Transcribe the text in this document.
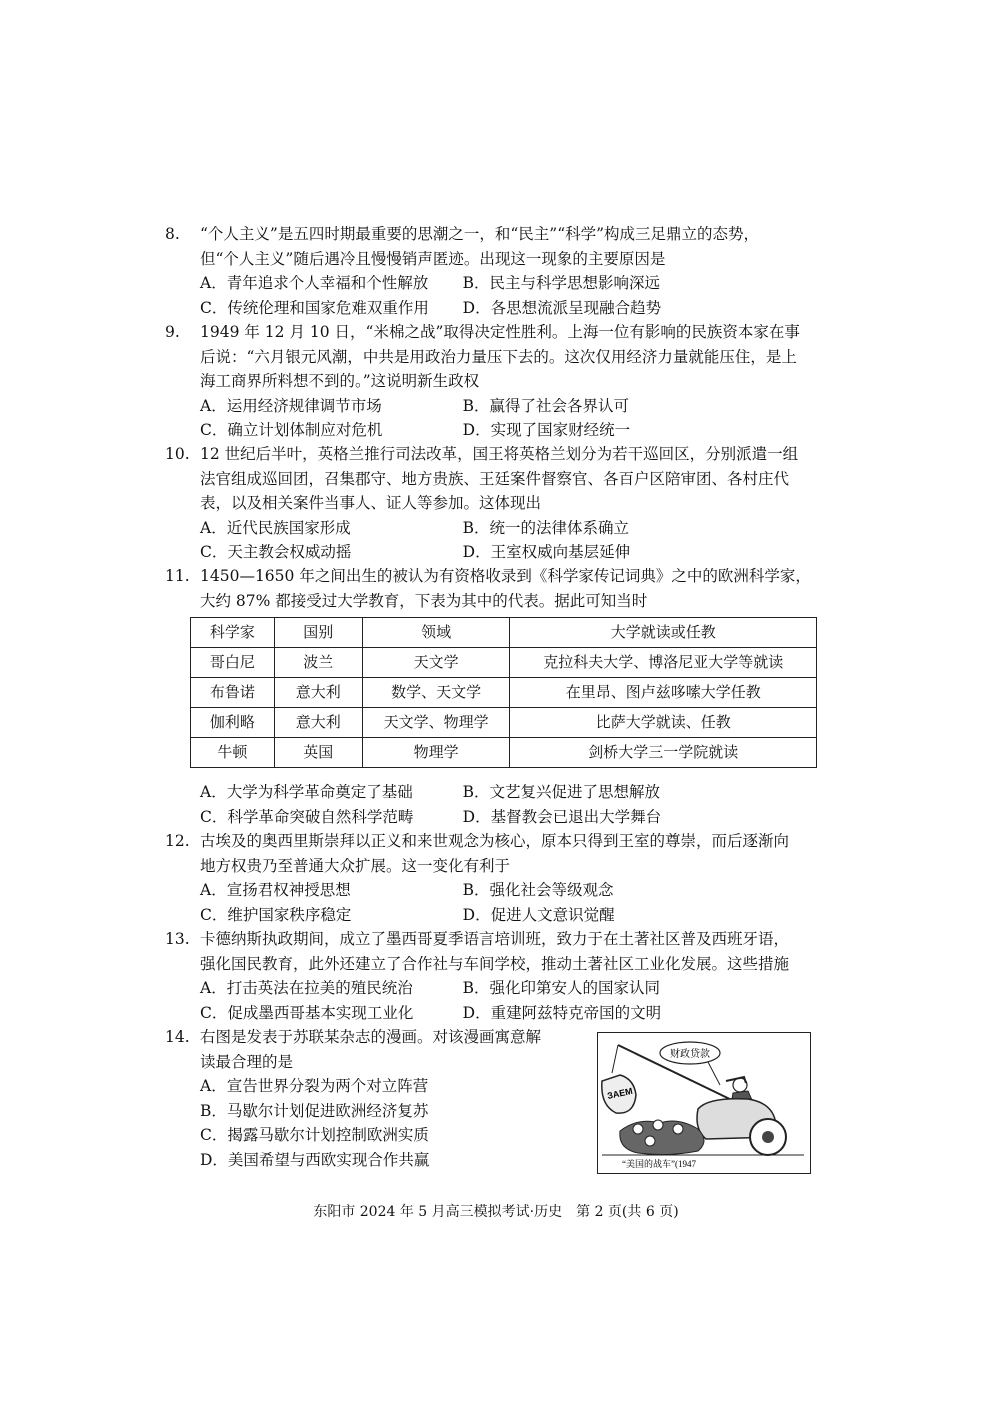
8. “个人主义”是五四时期最重要的思潮之一，和“民主”“科学”构成三足鼎立的态势，
但“个人主义”随后遇冷且慢慢销声匿迹。出现这一现象的主要原因是
A．青年追求个人幸福和个性解放	B．民主与科学思想影响深远
C．传统伦理和国家危难双重作用	D．各思想流派呈现融合趋势
9. 1949 年 12 月 10 日，“米棉之战”取得决定性胜利。上海一位有影响的民族资本家在事
后说：“六月银元风潮，中共是用政治力量压下去的。这次仅用经济力量就能压住，是上
海工商界所料想不到的。”这说明新生政权
A．运用经济规律调节市场	B．赢得了社会各界认可
C．确立计划体制应对危机	D．实现了国家财经统一
10. 12 世纪后半叶，英格兰推行司法改革，国王将英格兰划分为若干巡回区，分别派遣一组
法官组成巡回团，召集郡守、地方贵族、王廷案件督察官、各百户区陪审团、各村庄代
表，以及相关案件当事人、证人等参加。这体现出
A．近代民族国家形成	B．统一的法律体系确立
C．天主教会权威动摇	D．王室权威向基层延伸
11. 1450—1650 年之间出生的被认为有资格收录到《科学家传记词典》之中的欧洲科学家，
大约 87% 都接受过大学教育，下表为其中的代表。据此可知当时
科学家	国别	领域	大学就读或任教
哥白尼	波兰	天文学	克拉科夫大学、博洛尼亚大学等就读
布鲁诺	意大利	数学、天文学	在里昂、图卢兹哆嗦大学任教
伽利略	意大利	天文学、物理学	比萨大学就读、任教
牛顿	英国	物理学	剑桥大学三一学院就读
A．大学为科学革命奠定了基础	B．文艺复兴促进了思想解放
C．科学革命突破自然科学范畴	D．基督教会已退出大学舞台
12. 古埃及的奥西里斯崇拜以正义和来世观念为核心，原本只得到王室的尊崇，而后逐渐向
地方权贵乃至普通大众扩展。这一变化有利于
A．宣扬君权神授思想	B．强化社会等级观念
C．维护国家秩序稳定	D．促进人文意识觉醒
13. 卡德纳斯执政期间，成立了墨西哥夏季语言培训班，致力于在土著社区普及西班牙语，
强化国民教育，此外还建立了合作社与车间学校，推动土著社区工业化发展。这些措施
A．打击英法在拉美的殖民统治	B．强化印第安人的国家认同
C．促成墨西哥基本实现工业化	D．重建阿兹特克帝国的文明
14. 右图是发表于苏联某杂志的漫画。对该漫画寓意解
读最合理的是
A．宣告世界分裂为两个对立阵营
B．马歇尔计划促进欧洲经济复苏
C．揭露马歇尔计划控制欧洲实质
D．美国希望与西欧实现合作共赢
财政贷款
ЗАЕМ
“美国的战车”(1947
东阳市 2024 年 5 月高三模拟考试·历史　第 2 页(共 6 页)
